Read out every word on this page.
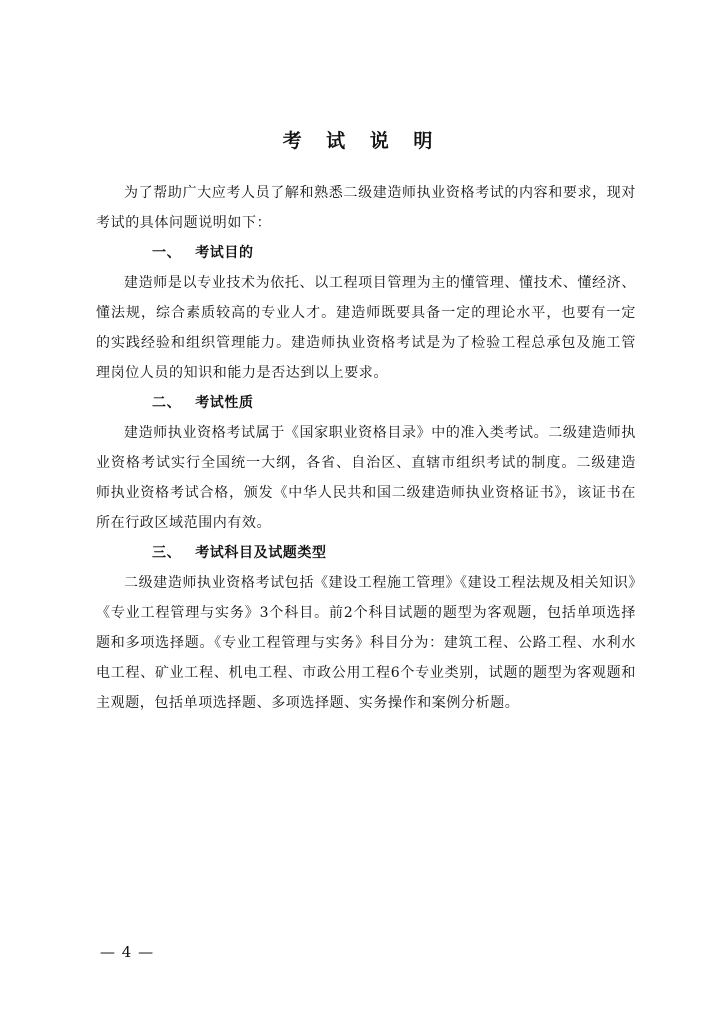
考 试 说 明

为了帮助广大应考人员了解和熟悉二级建造师执业资格考试的内容和要求，现对考试的具体问题说明如下：

一、 考试目的

建造师是以专业技术为依托、以工程项目管理为主的懂管理、懂技术、懂经济、懂法规，综合素质较高的专业人才。建造师既要具备一定的理论水平，也要有一定的实践经验和组织管理能力。建造师执业资格考试是为了检验工程总承包及施工管理岗位人员的知识和能力是否达到以上要求。

二、 考试性质

建造师执业资格考试属于《国家职业资格目录》中的准入类考试。二级建造师执业资格考试实行全国统一大纲，各省、自治区、直辖市组织考试的制度。二级建造师执业资格考试合格，颁发《中华人民共和国二级建造师执业资格证书》，该证书在所在行政区域范围内有效。

三、 考试科目及试题类型

二级建造师执业资格考试包括《建设工程施工管理》《建设工程法规及相关知识》《专业工程管理与实务》3个科目。前2个科目试题的题型为客观题，包括单项选择题和多项选择题。《专业工程管理与实务》科目分为：建筑工程、公路工程、水利水电工程、矿业工程、机电工程、市政公用工程6个专业类别，试题的题型为客观题和主观题，包括单项选择题、多项选择题、实务操作和案例分析题。

— 4 —
